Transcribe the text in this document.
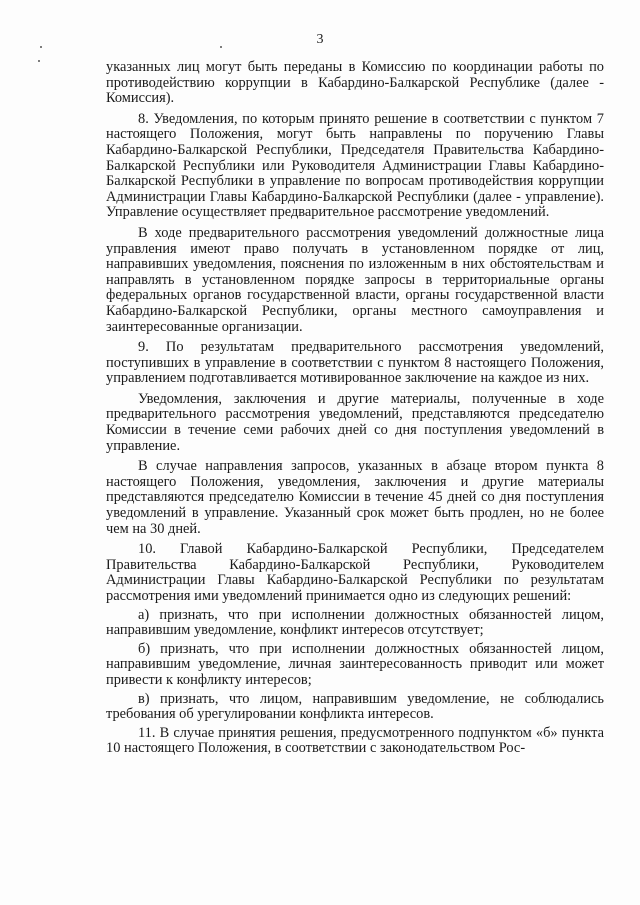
3

указанных лиц могут быть переданы в Комиссию по координации работы по противодействию коррупции в Кабардино-Балкарской Республике (далее - Комиссия).

8. Уведомления, по которым принято решение в соответствии с пунктом 7 настоящего Положения, могут быть направлены по поручению Главы Кабардино-Балкарской Республики, Председателя Правительства Кабардино-Балкарской Республики или Руководителя Администрации Главы Кабардино-Балкарской Республики в управление по вопросам противодействия коррупции Администрации Главы Кабардино-Балкарской Республики (далее - управление). Управление осуществляет предварительное рассмотрение уведомлений.

В ходе предварительного рассмотрения уведомлений должностные лица управления имеют право получать в установленном порядке от лиц, направивших уведомления, пояснения по изложенным в них обстоятельствам и направлять в установленном порядке запросы в территориальные органы федеральных органов государственной власти, органы государственной власти Кабардино-Балкарской Республики, органы местного самоуправления и заинтересованные организации.

9. По результатам предварительного рассмотрения уведомлений, поступивших в управление в соответствии с пунктом 8 настоящего Положения, управлением подготавливается мотивированное заключение на каждое из них.

Уведомления, заключения и другие материалы, полученные в ходе предварительного рассмотрения уведомлений, представляются председателю Комиссии в течение семи рабочих дней со дня поступления уведомлений в управление.

В случае направления запросов, указанных в абзаце втором пункта 8 настоящего Положения, уведомления, заключения и другие материалы представляются председателю Комиссии в течение 45 дней со дня поступления уведомлений в управление. Указанный срок может быть продлен, но не более чем на 30 дней.

10. Главой Кабардино-Балкарской Республики, Председателем Правительства Кабардино-Балкарской Республики, Руководителем Администрации Главы Кабардино-Балкарской Республики по результатам рассмотрения ими уведомлений принимается одно из следующих решений:

а) признать, что при исполнении должностных обязанностей лицом, направившим уведомление, конфликт интересов отсутствует;

б) признать, что при исполнении должностных обязанностей лицом, направившим уведомление, личная заинтересованность приводит или может привести к конфликту интересов;

в) признать, что лицом, направившим уведомление, не соблюдались требования об урегулировании конфликта интересов.

11. В случае принятия решения, предусмотренного подпунктом «б» пункта 10 настоящего Положения, в соответствии с законодательством Рос-
